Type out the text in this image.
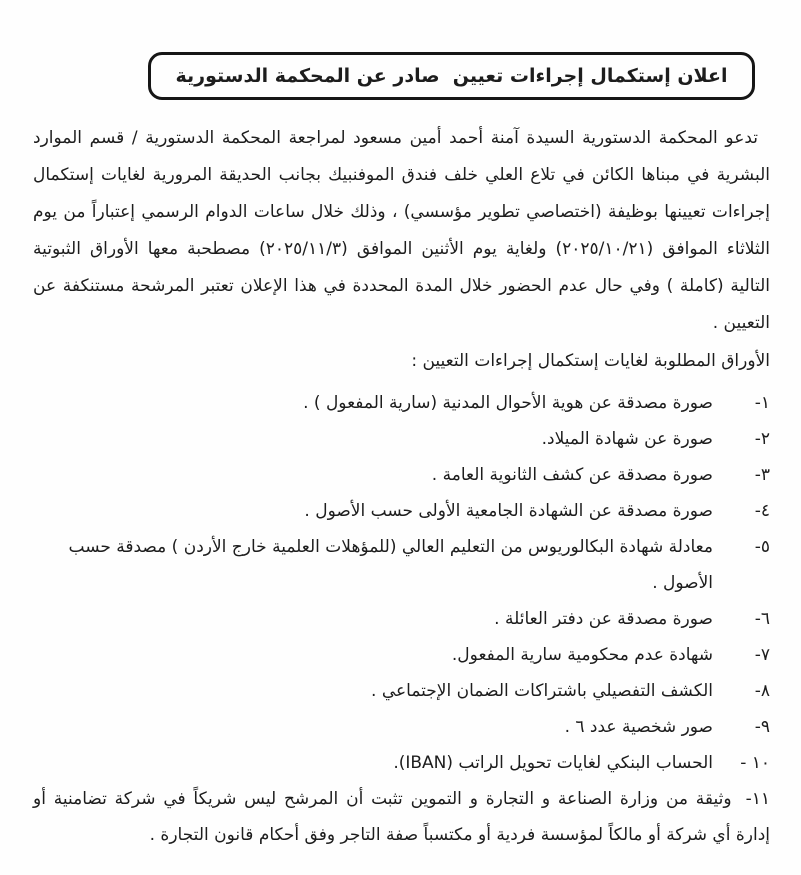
اعلان إستكمال إجراءات تعيين  صادر عن المحكمة الدستورية

تدعو المحكمة الدستورية السيدة آمنة أحمد أمين مسعود لمراجعة المحكمة الدستورية / قسم الموارد البشرية في مبناها الكائن في تلاع العلي خلف فندق الموفنبيك بجانب الحديقة المرورية لغايات إستكمال إجراءات تعيينها بوظيفة (اختصاصي تطوير مؤسسي) ، وذلك خلال ساعات الدوام الرسمي إعتباراً من يوم الثلاثاء الموافق (٢٠٢٥/١٠/٢١) ولغاية يوم الأثنين الموافق (٢٠٢٥/١١/٣) مصطحبة معها الأوراق الثبوتية التالية (كاملة ) وفي حال عدم الحضور خلال المدة المحددة في هذا الإعلان تعتبر المرشحة مستنكفة عن التعيين .

الأوراق المطلوبة لغايات إستكمال إجراءات التعيين :

١-
صورة مصدقة عن هوية الأحوال المدنية (سارية المفعول ) .
٢-
صورة عن شهادة الميلاد.
٣-
صورة مصدقة عن كشف الثانوية العامة .
٤-
صورة مصدقة عن الشهادة الجامعية الأولى حسب الأصول .
٥-
معادلة شهادة البكالوريوس من التعليم العالي (للمؤهلات العلمية خارج الأردن ) مصدقة حسب الأصول .
٦-
صورة مصدقة عن دفتر العائلة .
٧-
شهادة عدم محكومية سارية المفعول.
٨-
الكشف التفصيلي باشتراكات الضمان الإجتماعي .
٩-
صور شخصية عدد ٦ .
١٠ -
الحساب البنكي لغايات تحويل الراتب (IBAN).
١١-وثيقة من وزارة الصناعة و التجارة و التموين تثبت أن المرشح ليس شريكاً في شركة تضامنية أو إدارة أي شركة أو مالكاً لمؤسسة فردية أو مكتسباً صفة التاجر وفق أحكام قانون التجارة .
